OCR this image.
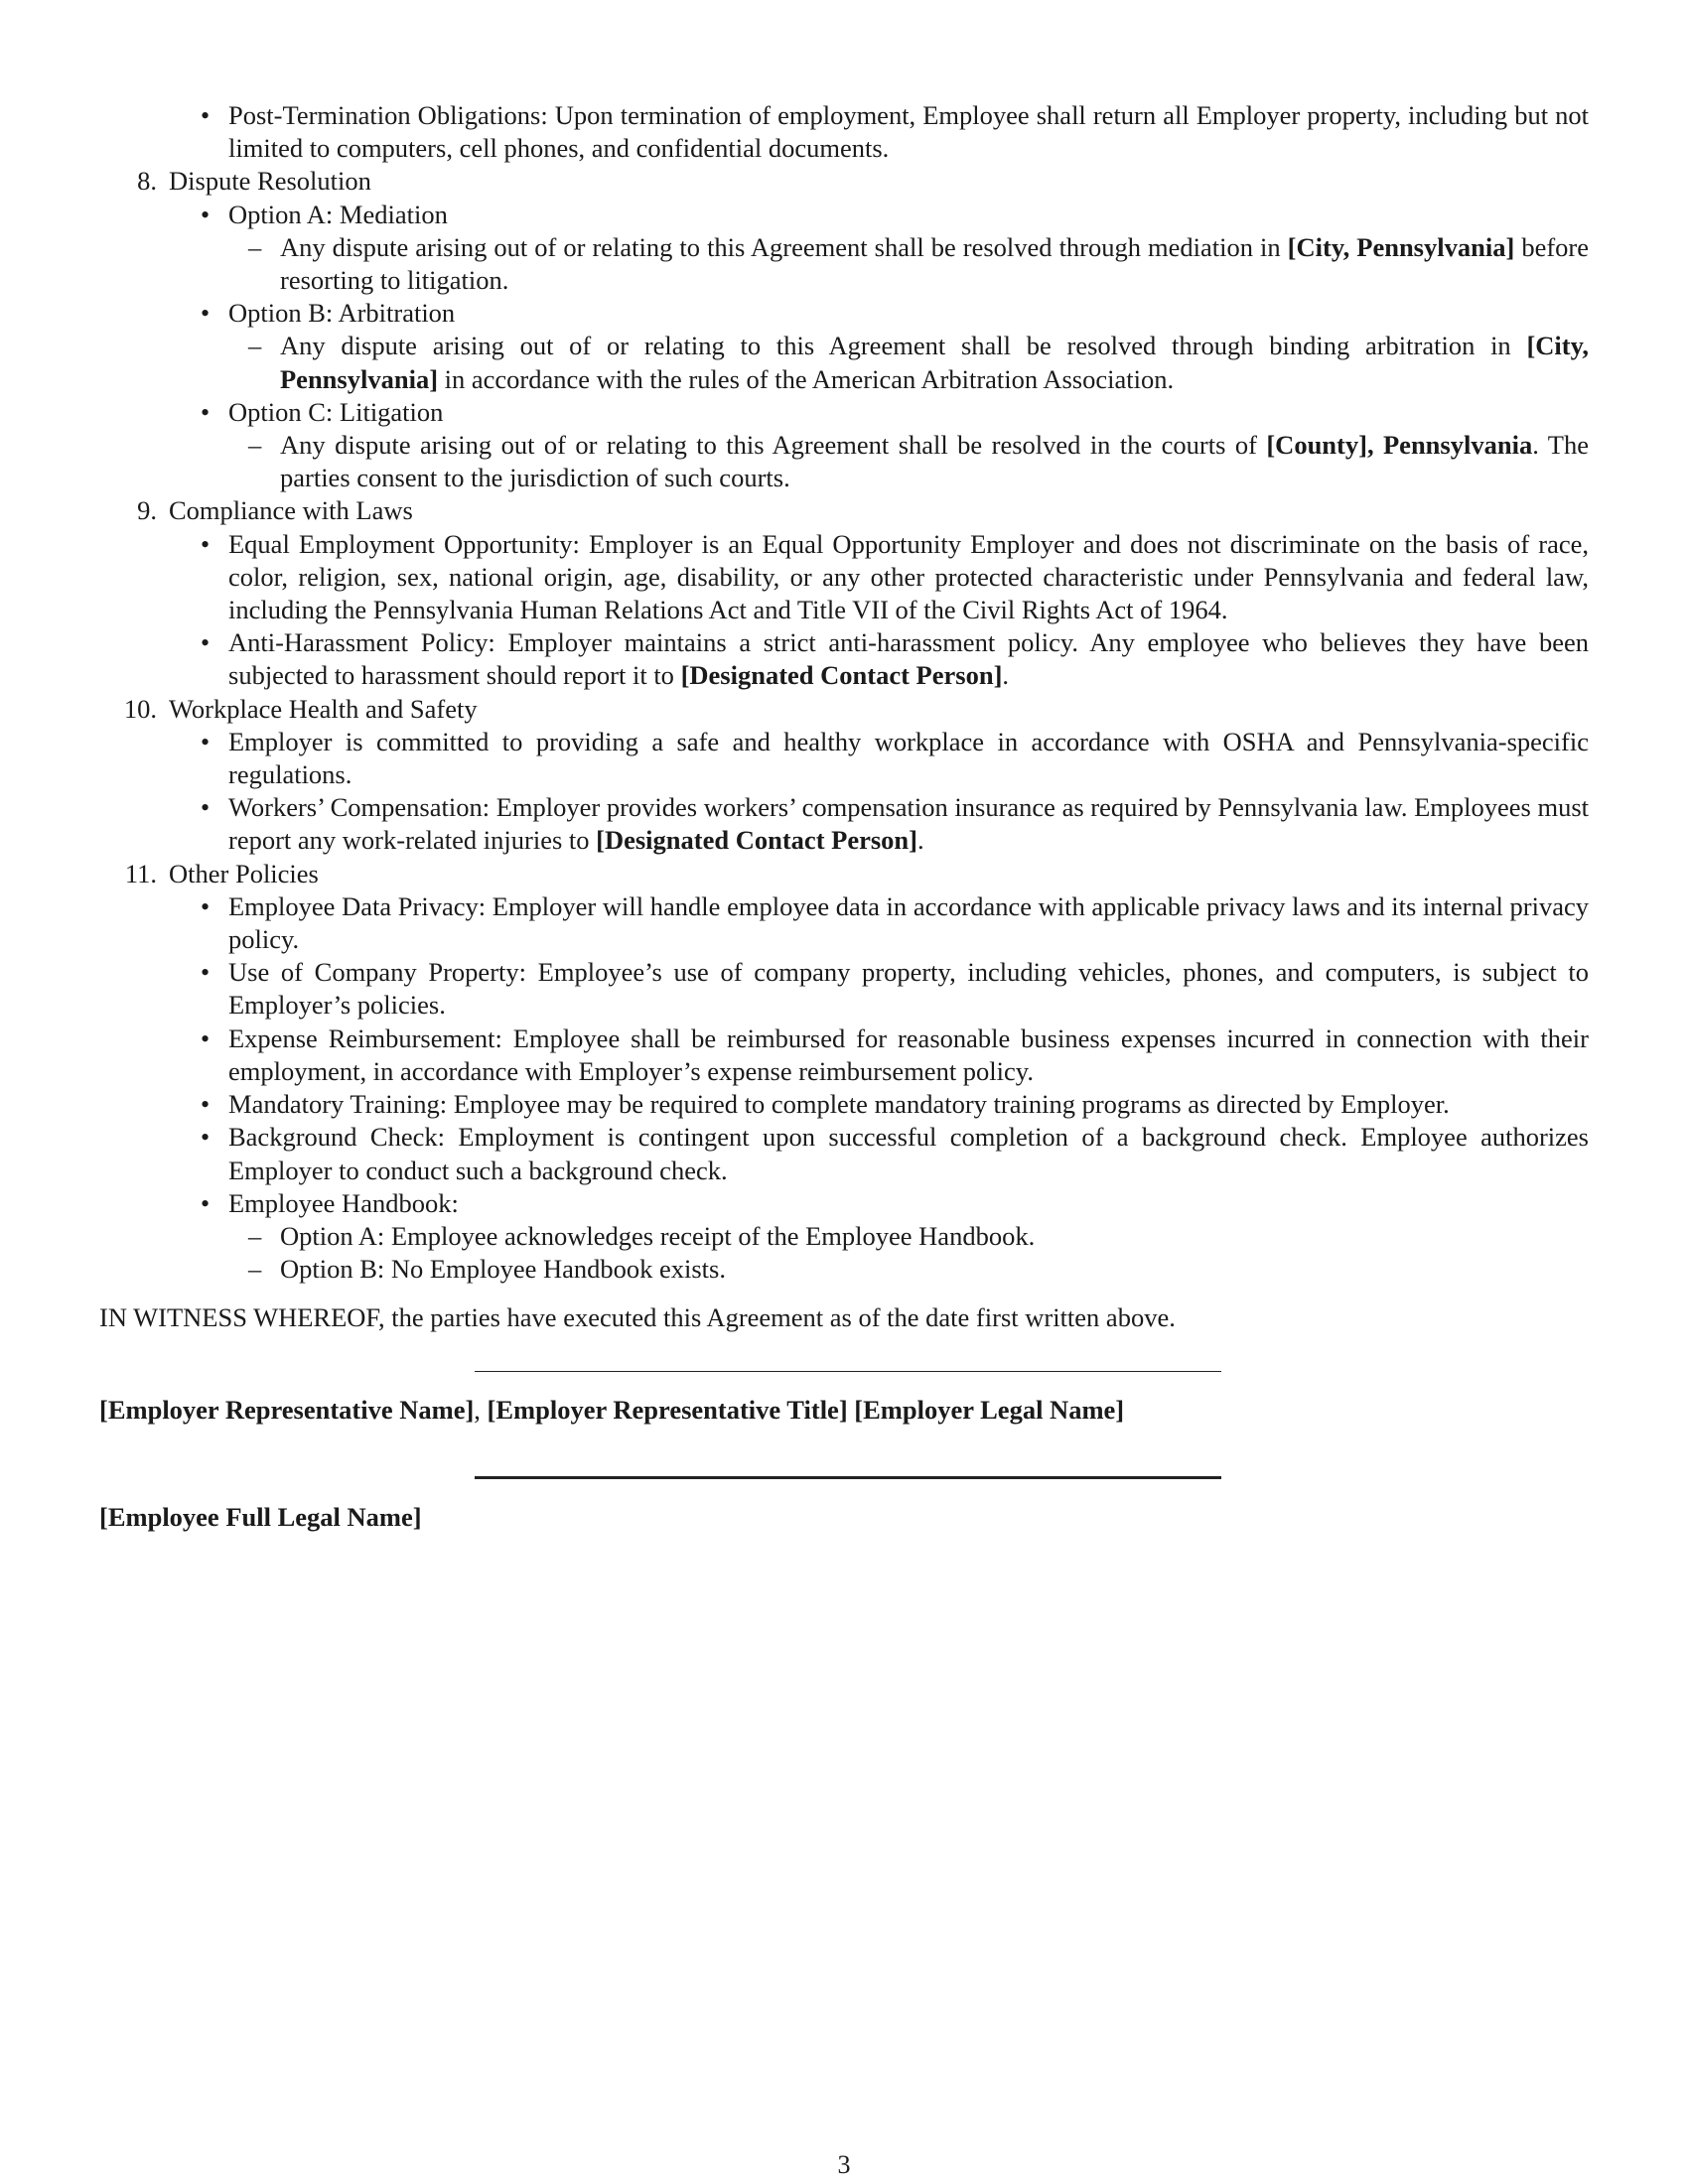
• Post-Termination Obligations: Upon termination of employment, Employee shall return all Employer property, including but not limited to computers, cell phones, and confidential documents.
8. Dispute Resolution
• Option A: Mediation
– Any dispute arising out of or relating to this Agreement shall be resolved through mediation in [City, Pennsylvania] before resorting to litigation.
• Option B: Arbitration
– Any dispute arising out of or relating to this Agreement shall be resolved through binding arbitration in [City, Pennsylvania] in accordance with the rules of the American Arbitration Association.
• Option C: Litigation
– Any dispute arising out of or relating to this Agreement shall be resolved in the courts of [County], Pennsylvania. The parties consent to the jurisdiction of such courts.
9. Compliance with Laws
• Equal Employment Opportunity: Employer is an Equal Opportunity Employer and does not discriminate on the basis of race, color, religion, sex, national origin, age, disability, or any other protected characteristic under Pennsylvania and federal law, including the Pennsylvania Human Relations Act and Title VII of the Civil Rights Act of 1964.
• Anti-Harassment Policy: Employer maintains a strict anti-harassment policy. Any employee who believes they have been subjected to harassment should report it to [Designated Contact Person].
10. Workplace Health and Safety
• Employer is committed to providing a safe and healthy workplace in accordance with OSHA and Pennsylvania-specific regulations.
• Workers’ Compensation: Employer provides workers’ compensation insurance as required by Pennsylvania law. Employees must report any work-related injuries to [Designated Contact Person].
11. Other Policies
• Employee Data Privacy: Employer will handle employee data in accordance with applicable privacy laws and its internal privacy policy.
• Use of Company Property: Employee’s use of company property, including vehicles, phones, and computers, is subject to Employer’s policies.
• Expense Reimbursement: Employee shall be reimbursed for reasonable business expenses incurred in connection with their employment, in accordance with Employer’s expense reimbursement policy.
• Mandatory Training: Employee may be required to complete mandatory training programs as directed by Employer.
• Background Check: Employment is contingent upon successful completion of a background check. Employee authorizes Employer to conduct such a background check.
• Employee Handbook:
– Option A: Employee acknowledges receipt of the Employee Handbook.
– Option B: No Employee Handbook exists.
IN WITNESS WHEREOF, the parties have executed this Agreement as of the date first written above.
[Employer Representative Name], [Employer Representative Title] [Employer Legal Name]
[Employee Full Legal Name]
3
